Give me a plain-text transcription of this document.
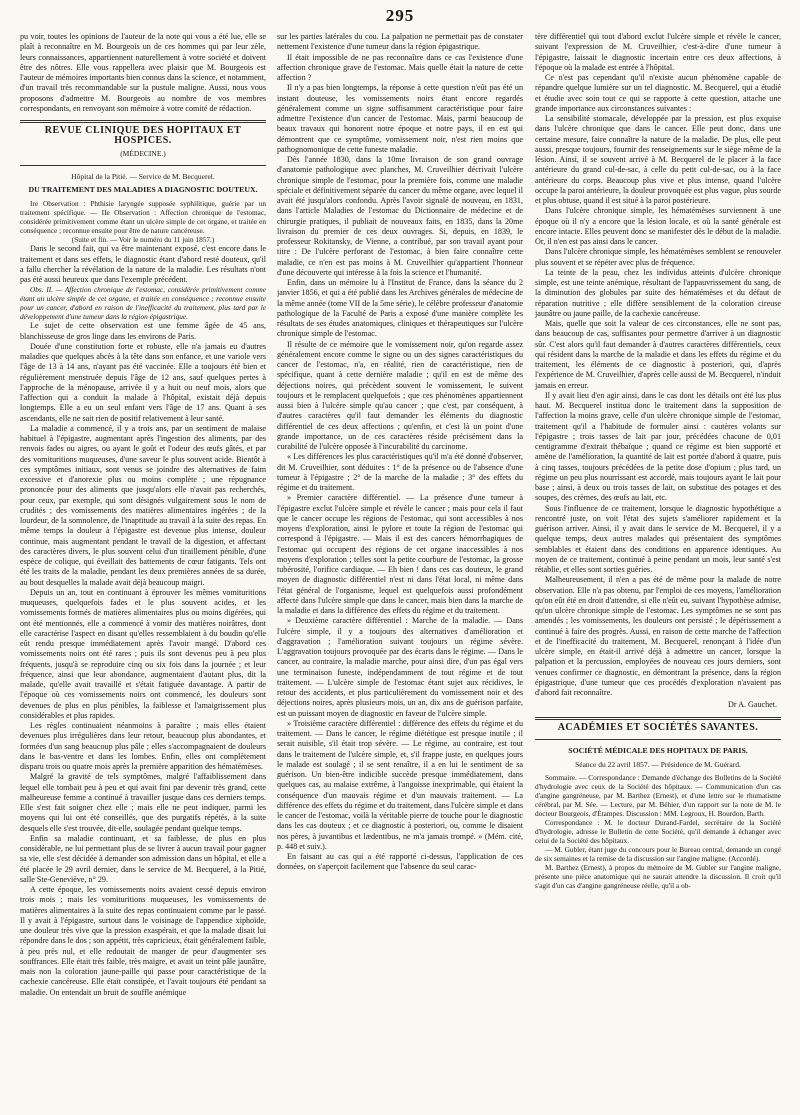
295

pu voir, toutes les opinions de l'auteur de la note qui vous a été lue, elle se plaît à reconnaître en M. Bourgeois un de ces hommes qui par leur zèle, leurs connaissances, appartiennent naturellement à votre société et doivent être des nôtres. Elle vous rappellera avec plaisir que M. Bourgeois est l'auteur de mémoires importants bien connus dans la science, et notamment, d'un travail très recommandable sur la pustule maligne. Aussi, nous vous proposons d'admettre M. Bourgeois au nombre de vos membres correspondants, en renvoyant son mémoire à votre comité de rédaction.

REVUE CLINIQUE DES HOPITAUX ET HOSPICES.
(MÉDECINE.)
Hôpital de la Pitié. — Service de M. Becquerel.
DU TRAITEMENT DES MALADIES A DIAGNOSTIC DOUTEUX.

Ire Observation : Phthisie laryngée supposée syphilitique, guérie par un traitement spécifique. — IIe Observation : Affection chronique de l'estomac, considérée primitivement comme étant un ulcère simple de cet organe, et traitée en conséquence ; reconnue ensuite pour être de nature cancéreuse.

(Suite et fin. — Voir le numéro du 11 juin 1857.)

Dans le second fait, qui va être maintenant exposé, c'est encore dans le traitement et dans ses effets, le diagnostic étant d'abord resté douteux, qu'il a fallu chercher la révélation de la nature de la maladie. Les résultats n'ont pas été aussi heureux que dans l'exemple précédent.

Obs. II. — Affection chronique de l'estomac, considérée primitivement comme étant un ulcère simple de cet organe, et traitée en conséquence ; reconnue ensuite pour un cancer, d'abord en raison de l'inefficacité du traitement, plus tard par le développement d'une tumeur dans la région épigastrique.

Le sujet de cette observation est une femme âgée de 45 ans, blanchisseuse de gros linge dans les environs de Paris.

Douée d'une constitution forte et robuste, elle n'a jamais eu d'autres maladies que quelques abcès à la tête dans son enfance, et une variole vers l'âge de 13 à 14 ans, n'ayant pas été vaccinée. Elle a toujours été bien et régulièrement menstruée depuis l'âge de 12 ans, sauf quelques pertes à l'approche de la ménopause, arrivée il y a huit ou neuf mois, alors que l'affection qui a conduit la malade à l'hôpital, existait déjà depuis longtemps. Elle a eu un seul enfant vers l'âge de 17 ans. Quant à ses ascendants, elle ne sait rien de positif relativement à leur santé.

La maladie a commencé, il y a trois ans, par un sentiment de malaise habituel à l'épigastre, augmentant après l'ingestion des aliments, par des renvois fades ou aigres, ou ayant le goût et l'odeur des œufs gâtés, et par des vomituritions muqueuses, d'une saveur le plus souvent acide. Bientôt à ces symptômes initiaux, sont venus se joindre des alternatives de faim excessive et d'anorexie plus ou moins complète ; une répugnance prononcée pour des aliments que jusqu'alors elle n'avait pas recherchés, pour ceux, par exemple, qui sont désignés vulgairement sous le nom de crudités ; des vomissements des matières alimentaires ingérées ; de la lourdeur, de la somnolence, de l'inaptitude au travail à la suite des repas. En même temps la douleur à l'épigastre est devenue plus intense, douleur continue, mais augmentant pendant le travail de la digestion, et affectant des caractères divers, le plus souvent celui d'un tiraillement pénible, d'une espèce de colique, qui éveillait des battements de cœur fatigants. Tels ont été les traits de la maladie, pendant les deux premières années de sa durée, au bout desquelles la malade avait déjà beaucoup maigri.

Depuis un an, tout en continuant à éprouver les mêmes vomituritions muqueuses, quelquefois fades et le plus souvent acides, et les vomissements formés de matières alimentaires plus ou moins digérées, qui ont été mentionnés, elle a commencé à vomir des matières noirâtres, dont elle caractérise l'aspect en disant qu'elles ressemblaient à du boudin qu'elle eût rendu presque immédiatement après l'avoir mangé. D'abord ces vomissements noirs ont été rares ; puis ils sont devenus peu à peu plus fréquents, jusqu'à se reproduire cinq ou six fois dans la journée ; et leur fréquence, ainsi que leur abondance, augmentaient d'autant plus, dit la malade, qu'elle avait travaillé et s'était fatiguée davantage. A partir de l'époque où ces vomissements noirs ont commencé, les douleurs sont devenues de plus en plus pénibles, la faiblesse et l'amaigrissement plus considérables et plus rapides.

Les règles continuaient néanmoins à paraître ; mais elles étaient devenues plus irrégulières dans leur retour, beaucoup plus abondantes, et formées d'un sang beaucoup plus pâle ; elles s'accompagnaient de douleurs dans le bas-ventre et dans les lombes. Enfin, elles ont complètement disparu trois ou quatre mois après la première apparition des hématémèses.

Malgré la gravité de tels symptômes, malgré l'affaiblissement dans lequel elle tombait peu à peu et qui avait fini par devenir très grand, cette malheureuse femme a continué à travailler jusque dans ces derniers temps. Elle s'est fait soigner chez elle ; mais elle ne peut indiquer, parmi les moyens qui lui ont été conseillés, que des purgatifs répétés, à la suite desquels elle s'est trouvée, dit-elle, soulagée pendant quelque temps.

Enfin sa maladie continuant, et sa faiblesse, de plus en plus considérable, ne lui permettant plus de se livrer à aucun travail pour gagner sa vie, elle s'est décidée à demander son admission dans un hôpital, et elle a été placée le 29 avril dernier, dans le service de M. Becquerel, à la Pitié, salle Ste-Geneviève, n° 29.

A cette époque, les vomissements noirs avaient cessé depuis environ trois mois ; mais les vomituritions muqueuses, les vomissements de matières alimentaires à la suite des repas continuaient comme par le passé. Il y avait à l'épigastre, surtout dans le voisinage de l'appendice xiphoïde, une douleur très vive que la pression exaspérait, et que la malade disait lui répondre dans le dos ; son appétit, très capricieux, était généralement faible, à peu près nul, et elle redoutait de manger de peur d'augmenter ses souffrances. Elle était très faible, très maigre, et avait un teint pâle jaunâtre, mais non la coloration jaune-paille qui passe pour caractéristique de la cachexie cancéreuse. Elle était constipée, et l'avait toujours été pendant sa maladie. On entendait un bruit de souffle anémique

sur les parties latérales du cou. La palpation ne permettait pas de constater nettement l'existence d'une tumeur dans la région épigastrique.

Il était impossible de ne pas reconnaître dans ce cas l'existence d'une affection chronique grave de l'estomac. Mais quelle était la nature de cette affection ?

Il n'y a pas bien longtemps, la réponse à cette question n'eût pas été un instant douteuse, les vomissements noirs étant encore regardés généralement comme un signe suffisamment caractéristique pour faire admettre l'existence d'un cancer de l'estomac. Mais, parmi beaucoup de beaux travaux qui honorent notre époque et notre pays, il en est qui démontrent que ce symptôme, vomissement noir, n'est rien moins que pathognomonique de cette funeste maladie.

Dès l'année 1830, dans la 10me livraison de son grand ouvrage d'anatomie pathologique avec planches, M. Cruveilhier décrivait l'ulcère chronique simple de l'estomac, pour la première fois, comme une maladie spéciale et définitivement séparée du cancer du même organe, avec lequel il avait été jusqu'alors confondu. Après l'avoir signalé de nouveau, en 1831, dans l'article Maladies de l'estomac du Dictionnaire de médecine et de chirurgie pratiques, il publiait de nouveaux faits, en 1835, dans la 20me livraison du premier de ces deux ouvrages. Si, depuis, en 1839, le professeur Rokitansky, de Vienne, a contribué, par son travail ayant pour titre : De l'ulcère perforant de l'estomac, à bien faire connaître cette maladie, ce n'en est pas moins à M. Cruveilhier qu'appartient l'honneur d'une découverte qui intéresse à la fois la science et l'humanité.

Enfin, dans un mémoire lu à l'Institut de France, dans la séance du 2 janvier 1856, et qui a été publié dans les Archives générales de médecine de la même année (tome VII de la 5me série), le célèbre professeur d'anatomie pathologique de la Faculté de Paris a exposé d'une manière complète les résultats de ses études anatomiques, cliniques et thérapeutiques sur l'ulcère chronique simple de l'estomac.

Il résulte de ce mémoire que le vomissement noir, qu'on regarde assez généralement encore comme le signe ou un des signes caractéristiques du cancer de l'estomac, n'a, en réalité, rien de caractéristique, rien de spécifique, quant à cette dernière maladie ; qu'il en est de même des déjections noires, qui précèdent souvent le vomissement, le suivent toujours et le remplacent quelquefois ; que ces phénomènes appartiennent aussi bien à l'ulcère simple qu'au cancer ; que c'est, par conséquent, à d'autres caractères qu'il faut demander les éléments du diagnostic différentiel de ces deux affections ; qu'enfin, et c'est là un point d'une grande importance, un de ces caractères réside précisément dans la curabilité de l'ulcère opposée à l'incurabilité du carcinome.

« Les différences les plus caractéristiques qu'il m'a été donné d'observer, dit M. Cruveilhier, sont déduites : 1° de la présence ou de l'absence d'une tumeur à l'épigastre ; 2° de la marche de la maladie ; 3° des effets du régime et du traitement.

» Premier caractère différentiel. — La présence d'une tumeur à l'épigastre exclut l'ulcère simple et révèle le cancer ; mais pour cela il faut que le cancer occupe les régions de l'estomac, qui sont accessibles à nos moyens d'exploration, ainsi le pylore et toute la région de l'estomac qui correspond à l'épigastre. — Mais il est des cancers hémorrhagiques de l'estomac qui occupent des régions de cet organe inaccessibles à nos moyens d'exploration ; telles sont la petite courbure de l'estomac, la grosse tubérosité, l'orifice cardiaque. — Eh bien ! dans ces cas douteux, le grand moyen de diagnostic différentiel n'est ni dans l'état local, ni même dans l'état général de l'organisme, lequel est quelquefois aussi profondément affecté dans l'ulcère simple que dans le cancer, mais bien dans la marche de la maladie et dans la différence des effets du régime et du traitement.

» Deuxième caractère différentiel : Marche de la maladie. — Dans l'ulcère simple, il y a toujours des alternatives d'amélioration et d'aggravation ; l'amélioration suivant toujours un régime sévère. L'aggravation toujours provoquée par des écarts dans le régime. — Dans le cancer, au contraire, la maladie marche, pour ainsi dire, d'un pas égal vers une terminaison funeste, indépendamment de tout régime et de tout traitement. — L'ulcère simple de l'estomac étant sujet aux récidives, le retour des accidents, et plus particulièrement du vomissement noir et des déjections noires, après plusieurs mois, un an, dix ans de guérison parfaite, est un puissant moyen de diagnostic en faveur de l'ulcère simple.

» Troisième caractère différentiel : différence des effets du régime et du traitement. — Dans le cancer, le régime diététique est presque inutile ; il serait nuisible, s'il était trop sévère. — Le régime, au contraire, est tout dans le traitement de l'ulcère simple, et, s'il frappe juste, en quelques jours le malade est soulagé ; il se sent renaître, il a en lui le sentiment de sa guérison. Un bien-être indicible succède presque immédiatement, dans quelques cas, au malaise extrême, à l'angoisse inexprimable, qui étaient la conséquence d'un mauvais régime et d'un mauvais traitement. — La différence des effets du régime et du traitement, dans l'ulcère simple et dans le cancer de l'estomac, voilà la véritable pierre de touche pour le diagnostic dans les cas douteux ; et ce diagnostic à posteriori, ou, comme le disaient nos pères, à juvantibus et lædentibus, ne m'a jamais trompé. » (Mém. cité, p. 448 et suiv.).

En faisant au cas qui a été rapporté ci-dessus, l'application de ces données, on s'aperçoit facilement que l'absence du seul carac-

tère différentiel qui tout d'abord exclut l'ulcère simple et révèle le cancer, suivant l'expression de M. Cruveilhier, c'est-à-dire d'une tumeur à l'épigastre, laissait le diagnostic incertain entre ces deux affections, à l'époque où la malade est entrée à l'hôpital.

Ce n'est pas cependant qu'il n'existe aucun phénomène capable de répandre quelque lumière sur un tel diagnostic. M. Becquerel, qui a étudié et étudie avec soin tout ce qui se rapporte à cette question, attache une grande importance aux circonstances suivantes :

La sensibilité stomacale, développée par la pression, est plus exquise dans l'ulcère chronique que dans le cancer. Elle peut donc, dans une certaine mesure, faire connaître la nature de la maladie. De plus, elle peut aussi, presque toujours, fournir des renseignements sur le siège même de la lésion. Ainsi, il se souvent arrivé à M. Becquerel de le placer à la face antérieure du grand cul-de-sac, à celle du petit cul-de-sac, ou à la face antérieure du corps. Beaucoup plus vive et plus intense, quand l'ulcère occupe la paroi antérieure, la douleur provoquée est plus vague, plus sourde et plus obtuse, quand il est situé à la paroi postérieure.

Dans l'ulcère chronique simple, les hématémèses surviennent à une époque où il n'y a encore que la lésion locale, et où la santé générale est encore intacte. Elles peuvent donc se manifester dès le début de la maladie. Or, il n'en est pas ainsi dans le cancer.

Dans l'ulcère chronique simple, les hématémèses semblent se renouveler plus souvent et se répéter avec plus de fréquence.

La teinte de la peau, chez les individus atteints d'ulcère chronique simple, est une teinte anémique, résultant de l'appauvrissement du sang, de la diminution des globules par suite des hématémèses et du défaut de réparation nutritive ; elle diffère sensiblement de la coloration cireuse jaunâtre ou jaune paille, de la cachexie cancéreuse.

Mais, quelle que soit la valeur de ces circonstances, elle ne sont pas, dans beaucoup de cas, suffisantes pour permettre d'arriver à un diagnostic sûr. C'est alors qu'il faut demander à d'autres caractères différentiels, ceux qui résident dans la marche de la maladie et dans les effets du régime et du traitement, les éléments de ce diagnostic à posteriori, qui, d'après l'expérience de M. Cruveilhier, d'après celle aussi de M. Becquerel, n'induit jamais en erreur.

Il y avait lieu d'en agir ainsi, dans le cas dont les détails ont été lus plus haut. M. Becquerel institua donc le traitement dans la supposition de l'affection la moins grave, celle d'un ulcère chronique simple de l'estomac, traitement qu'il a l'habitude de formuler ainsi : cautères volants sur l'épigastre ; trois tasses de lait par jour, précédées chacune de 0,01 centigramme d'extrait thébaïque ; quand ce régime est bien supporté et amène de l'amélioration, la quantité de lait est portée d'abord à quatre, puis à cinq tasses, toujours précédées de la petite dose d'opium ; plus tard, un régime un peu plus nourrissant est accordé, mais toujours ayant le lait pour base ; ainsi, à deux ou trois tasses de lait, on substitue des potages et des soupes, des crèmes, des œufs au lait, etc.

Sous l'influence de ce traitement, lorsque le diagnostic hypothétique a rencontré juste, on voit l'état des sujets s'améliorer rapidement et la guérison arriver. Ainsi, il y avait dans le service de M. Becquerel, il y a quelque temps, deux autres malades qui présentaient des symptômes semblables et étaient dans des conditions en apparence identiques. Au moyen de ce traitement, continué à peine pendant un mois, leur santé s'est rétablie, et elles sont sorties guéries.

Malheureusement, il n'en a pas été de même pour la malade de notre observation. Elle n'a pas obtenu, par l'emploi de ces moyens, l'amélioration qu'on eût été en droit d'attendre, si elle n'eût eu, suivant l'hypothèse admise, qu'un ulcère chronique simple de l'estomac. Les symptômes ne se sont pas amendés ; les vomissements, les douleurs ont persisté ; le dépérissement a continué à faire des progrès. Aussi, en raison de cette marche de l'affection et de l'inefficacité du traitement, M. Becquerel, renonçant à l'idée d'un ulcère simple, en était-il arrivé déjà à admettre un cancer, lorsque la palpation et la percussion, employées de nouveau ces jours derniers, sont venues confirmer ce diagnostic, en démontrant la présence, dans la région épigastrique, d'une tumeur que ces procédés d'exploration n'avaient pas d'abord fait reconnaître.

Dr A. Gauchet.
ACADÉMIES ET SOCIÉTÉS SAVANTES.
SOCIÉTÉ MÉDICALE DES HOPITAUX DE PARIS.
Séance du 22 avril 1857. — Présidence de M. Guérard.

Sommaire. — Correspondance : Demande d'échange des Bulletins de la Société d'hydrologie avec ceux de la Société des hôpitaux. — Communication d'un cas d'angine gangréneuse, par M. Barthez (Ernest), et d'une lettre sur le rhumatisme cérébral, par M. Sée. — Lecture, par M. Béhier, d'un rapport sur la note de M. le docteur Bourgeois, d'Étampes. Discussion : MM. Legroux, H. Bourdon, Barth.

Correspondance : M. le docteur Durand-Fardel, secrétaire de la Société d'hydrologie, adresse le Bulletin de cette Société, qu'il demande à échanger avec celui de la Société des hôpitaux.

— M. Gubler, étant juge du concours pour le Bureau central, demande un congé de six semaines et la remise de la discussion sur l'angine maligne. (Accordé).

M. Barthez (Ernest), à propos du mémoire de M. Gubler sur l'angine maligne, présente une pièce anatomique qui ne saurait attendre la discussion. Il croit qu'il s'agit d'un cas d'angine gangréneuse réelle, qu'il a ob-
